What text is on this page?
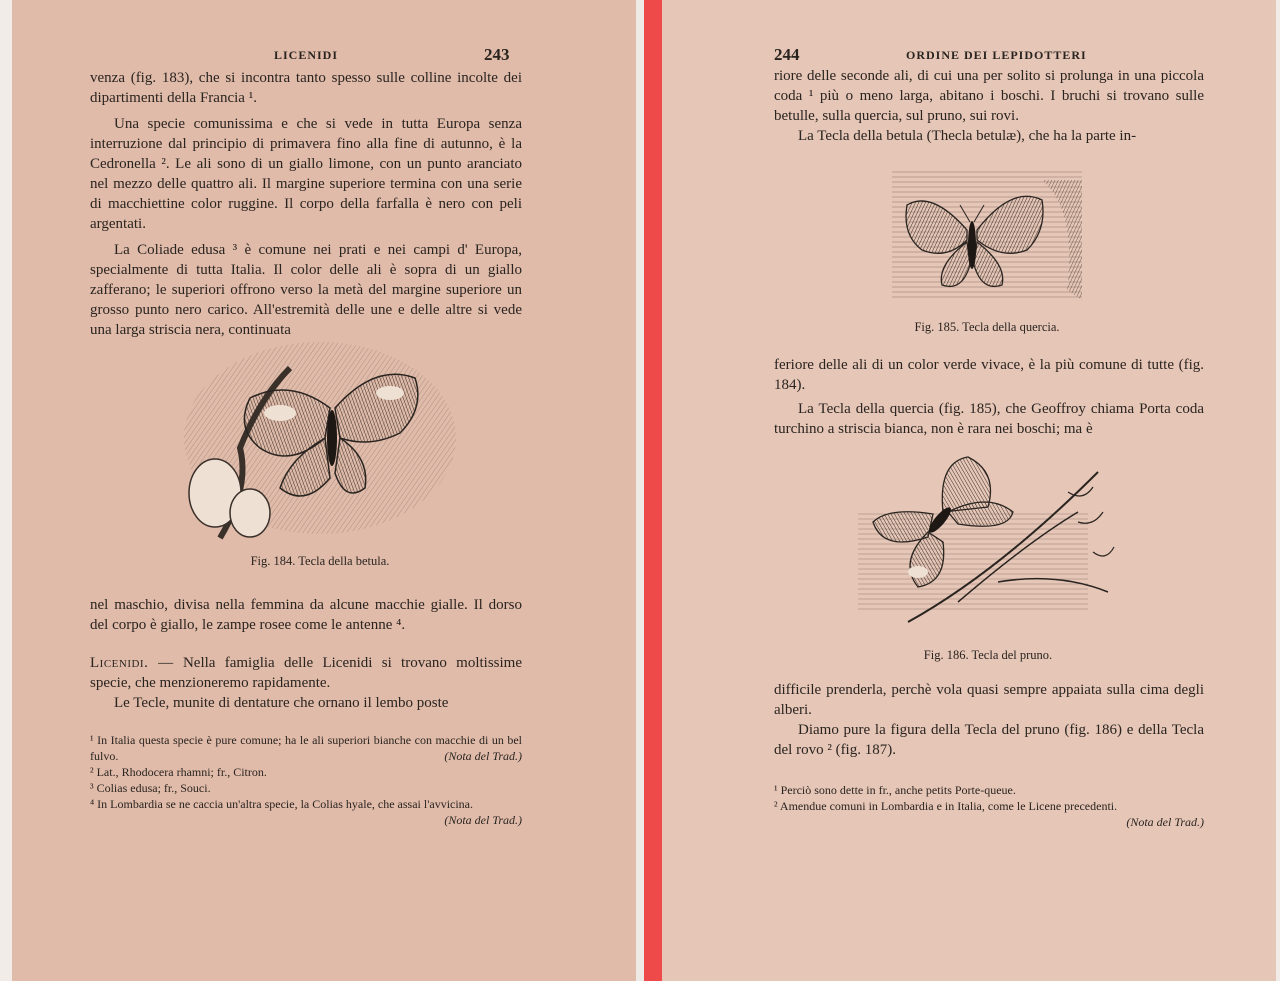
LICENIDI	243

venza (fig. 183), che si incontra tanto spesso sulle colline incolte dei dipartimenti della Francia ¹.

Una specie comunissima e che si vede in tutta Europa senza interruzione dal principio di primavera fino alla fine di autunno, è la Cedronella ². Le ali sono di un giallo limone, con un punto aranciato nel mezzo delle quattro ali. Il margine superiore termina con una serie di macchiettine color ruggine. Il corpo della farfalla è nero con peli argentati.

La Coliade edusa ³ è comune nei prati e nei campi d' Europa, specialmente di tutta Italia. Il color delle ali è sopra di un giallo zafferano; le superiori offrono verso la metà del margine superiore un grosso punto nero carico. All'estremità delle une e delle altre si vede una larga striscia nera, continuata

Fig. 184. Tecla della betula.

nel maschio, divisa nella femmina da alcune macchie gialle. Il dorso del corpo è giallo, le zampe rosee come le antenne ⁴.

Licenidi. — Nella famiglia delle Licenidi si trovano moltissime specie, che menzioneremo rapidamente.

Le Tecle, munite di dentature che ornano il lembo poste

¹ In Italia questa specie è pure comune; ha le ali superiori bianche con macchie di un bel fulvo.	(Nota del Trad.)

² Lat., Rhodocera rhamni; fr., Citron.

³ Colias edusa; fr., Souci.

⁴ In Lombardia se ne caccia un'altra specie, la Colias hyale, che assai l'avvicina.
(Nota del Trad.)

244	ORDINE DEI LEPIDOTTERI

riore delle seconde ali, di cui una per solito si prolunga in una piccola coda ¹ più o meno larga, abitano i boschi. I bruchi si trovano sulle betulle, sulla quercia, sul pruno, sui rovi.

La Tecla della betula (Thecla betulæ), che ha la parte in-

Fig. 185. Tecla della quercia.

feriore delle ali di un color verde vivace, è la più comune di tutte (fig. 184).

La Tecla della quercia (fig. 185), che Geoffroy chiama Porta coda turchino a striscia bianca, non è rara nei boschi; ma è

Fig. 186. Tecla del pruno.

difficile prenderla, perchè vola quasi sempre appaiata sulla cima degli alberi.

Diamo pure la figura della Tecla del pruno (fig. 186) e della Tecla del rovo ² (fig. 187).

¹ Perciò sono dette in fr., anche petits Porte-queue.

² Amendue comuni in Lombardia e in Italia, come le Licene precedenti.

(Nota del Trad.)
